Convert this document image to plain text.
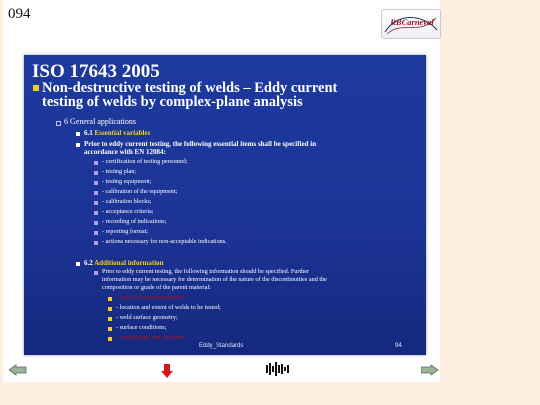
094	RBCarneval
ISO 17643 2005
Non-destructive testing of welds – Eddy current
testing of welds by complex-plane analysis
6 General applications
6.1 Essential variables
Prior to eddy current testing, the following essential items shall be specified in
accordance with EN 12084:
- certification of testing personnel;
- testing plan;
- testing equipment;
- calibration of the equipment;
- calibration blocks;
- acceptance criteria;
- recording of indications;
- reporting format;
- actions necessary for non-acceptable indications.
6.2 Additional information
Prior to eddy current testing, the following information should be specified. Further
information may be necessary for determination of the nature of the discontinuities and the
composition or grade of the parent material:
- type of the parent material
- location and extent of welds to be tested;
- weld surface geometry;
- surface conditions;
- coating type and thickness.
Eddy_Standards	94
